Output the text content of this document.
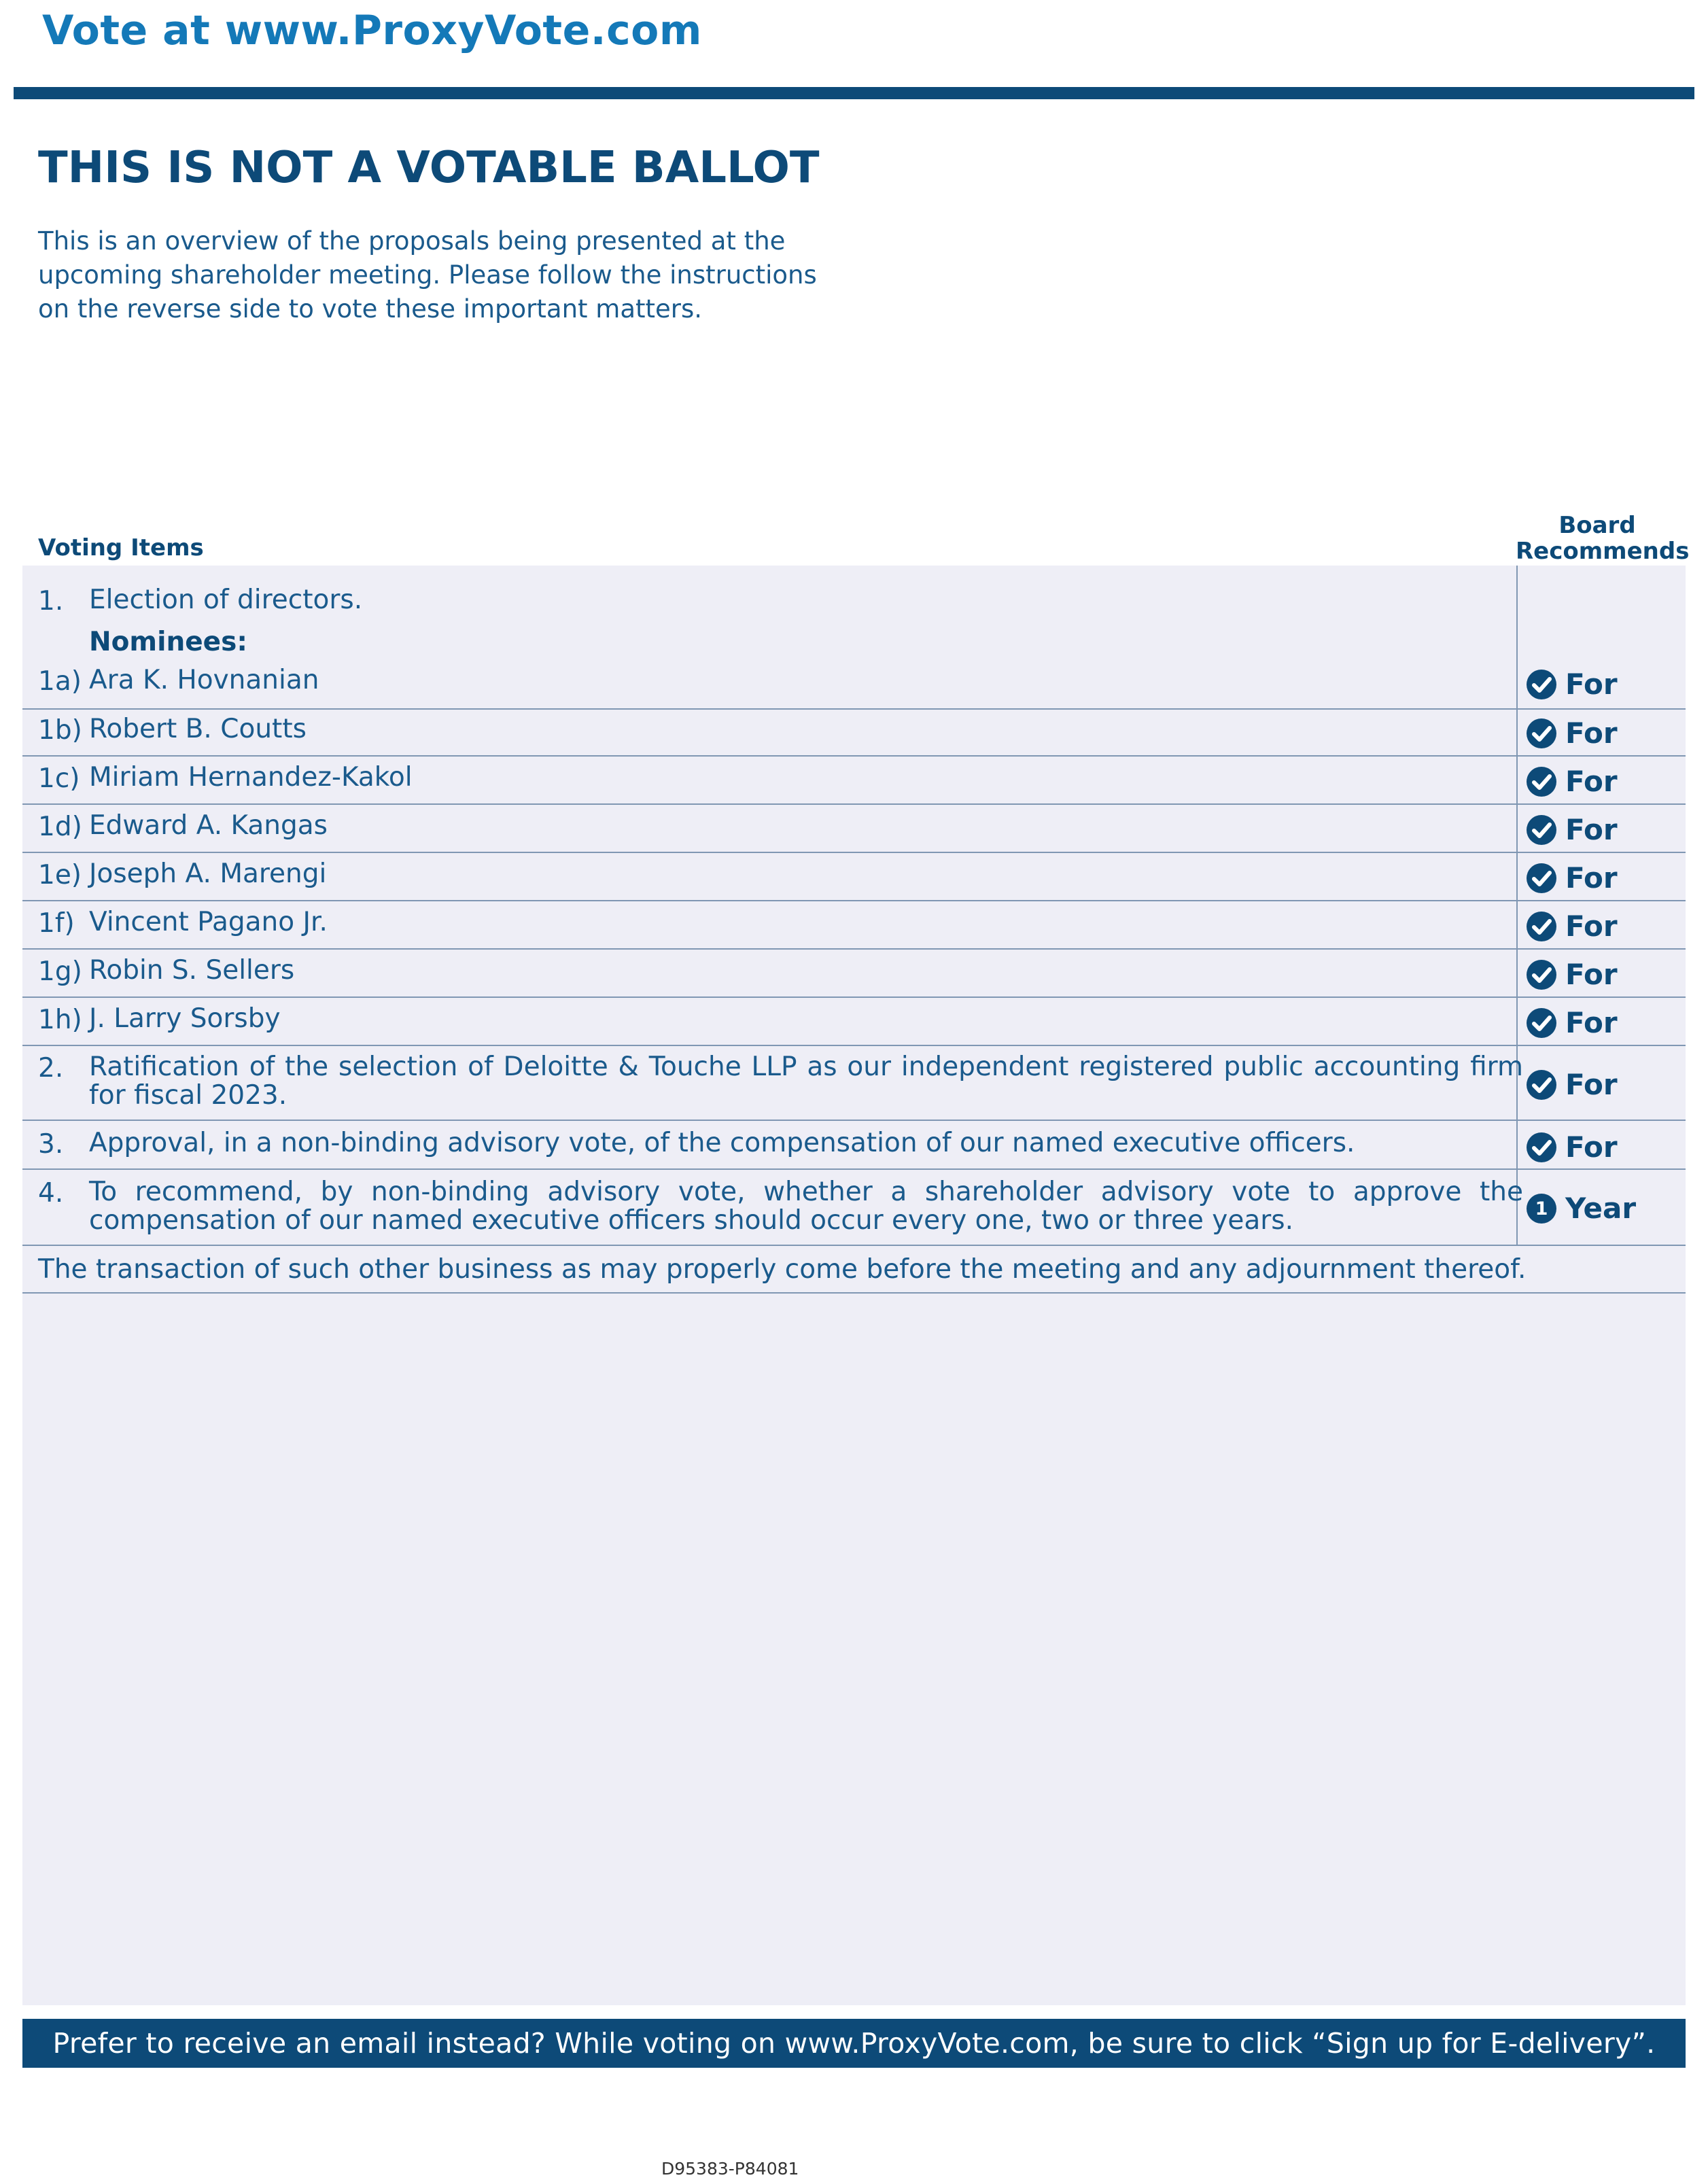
Vote at www.ProxyVote.com
THIS IS NOT A VOTABLE BALLOT

This is an overview of the proposals being presented at the upcoming shareholder meeting. Please follow the instructions on the reverse side to vote these important matters.

Voting Items
Board
Recommends
1. Election of directors.
Nominees:
1a) Ara K. Hovnanian	For
1b) Robert B. Coutts	For
1c) Miriam Hernandez-Kakol	For
1d) Edward A. Kangas	For
1e) Joseph A. Marengi	For
1f) Vincent Pagano Jr.	For
1g) Robin S. Sellers	For
1h) J. Larry Sorsby	For
2. Ratification of the selection of Deloitte & Touche LLP as our independent registered public accounting firm for fiscal 2023.	For
3. Approval, in a non-binding advisory vote, of the compensation of our named executive officers.	For
4. To recommend, by non-binding advisory vote, whether a shareholder advisory vote to approve the compensation of our named executive officers should occur every one, two or three years.	1 Year
The transaction of such other business as may properly come before the meeting and any adjournment thereof.
Prefer to receive an email instead? While voting on www.ProxyVote.com, be sure to click “Sign up for E-delivery”.
D95383-P84081
